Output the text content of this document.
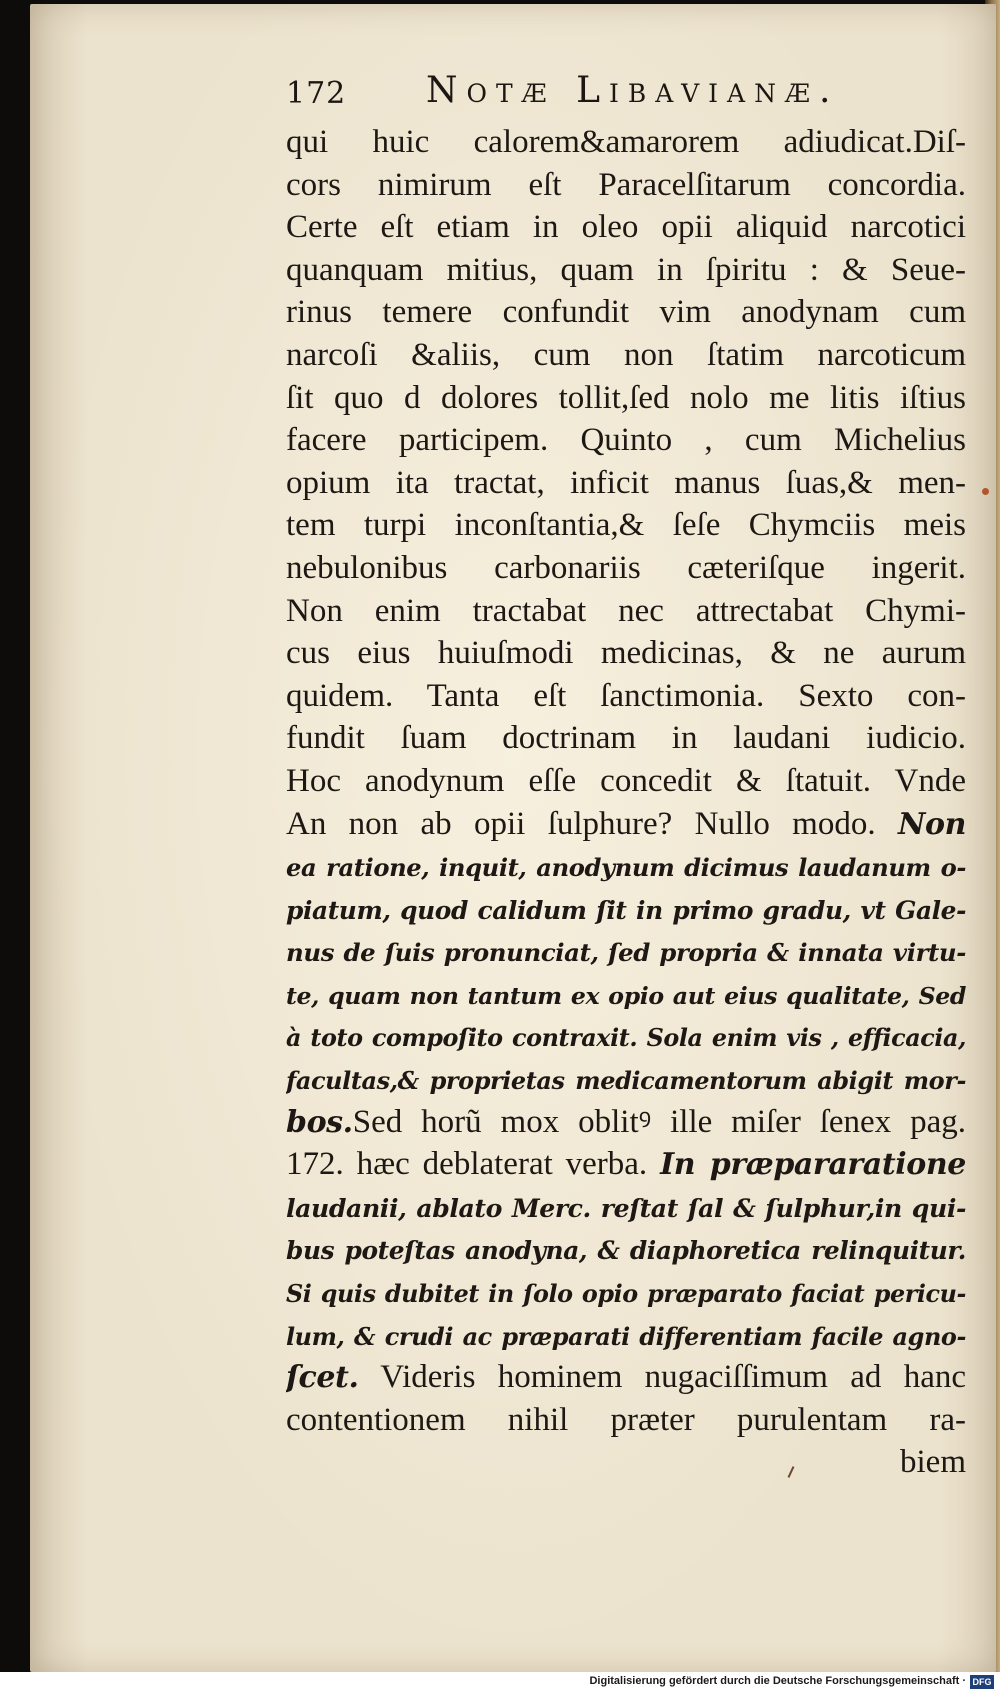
172 Notæ Libavianæ.
qui huic calorem&amarorem adiudicat.Diſ-
cors nimirum eſt Paracelſitarum concordia.
Certe eſt etiam in oleo opii aliquid narcotici
quanquam mitius, quam in ſpiritu : & Seue-
rinus temere confundit vim anodynam cum
narcoſi &aliis, cum non ſtatim narcoticum
ſit quo d dolores tollit,ſed nolo me litis iſtius
facere participem. Quinto , cum Michelius
opium ita tractat, inficit manus ſuas,& men-
tem turpi inconſtantia,& ſeſe Chymciis meis
nebulonibus carbonariis cæteriſque ingerit.
Non enim tractabat nec attrectabat Chymi-
cus eius huiuſmodi medicinas, & ne aurum
quidem. Tanta eſt ſanctimonia. Sexto con-
fundit ſuam doctrinam in laudani iudicio.
Hoc anodynum eſſe concedit & ſtatuit. Vnde
An non ab opii ſulphure? Nullo modo. Non
ea ratione, inquit, anodynum dicimus laudanum o-
piatum, quod calidum ſit in primo gradu, vt Gale-
nus de ſuis pronunciat, ſed propria & innata virtu-
te, quam non tantum ex opio aut eius qualitate, Sed
à toto compoſito contraxit. Sola enim vis , efficacia,
facultas,& proprietas medicamentorum abigit mor-
bos.Sed horũ mox oblitꝰ ille miſer ſenex pag.
172. hæc deblaterat verba. In præpararatione
laudanii, ablato Merc. reſtat ſal & ſulphur,in qui-
bus poteſtas anodyna, & diaphoretica relinquitur.
Si quis dubitet in ſolo opio præparato faciat pericu-
lum, & crudi ac præparati differentiam facile agno-
ſcet. Videris hominem nugaciſſimum ad hanc
contentionem nihil præter purulentam ra-
biem
Digitalisierung gefördert durch die Deutsche Forschungsgemeinschaft · DFG
